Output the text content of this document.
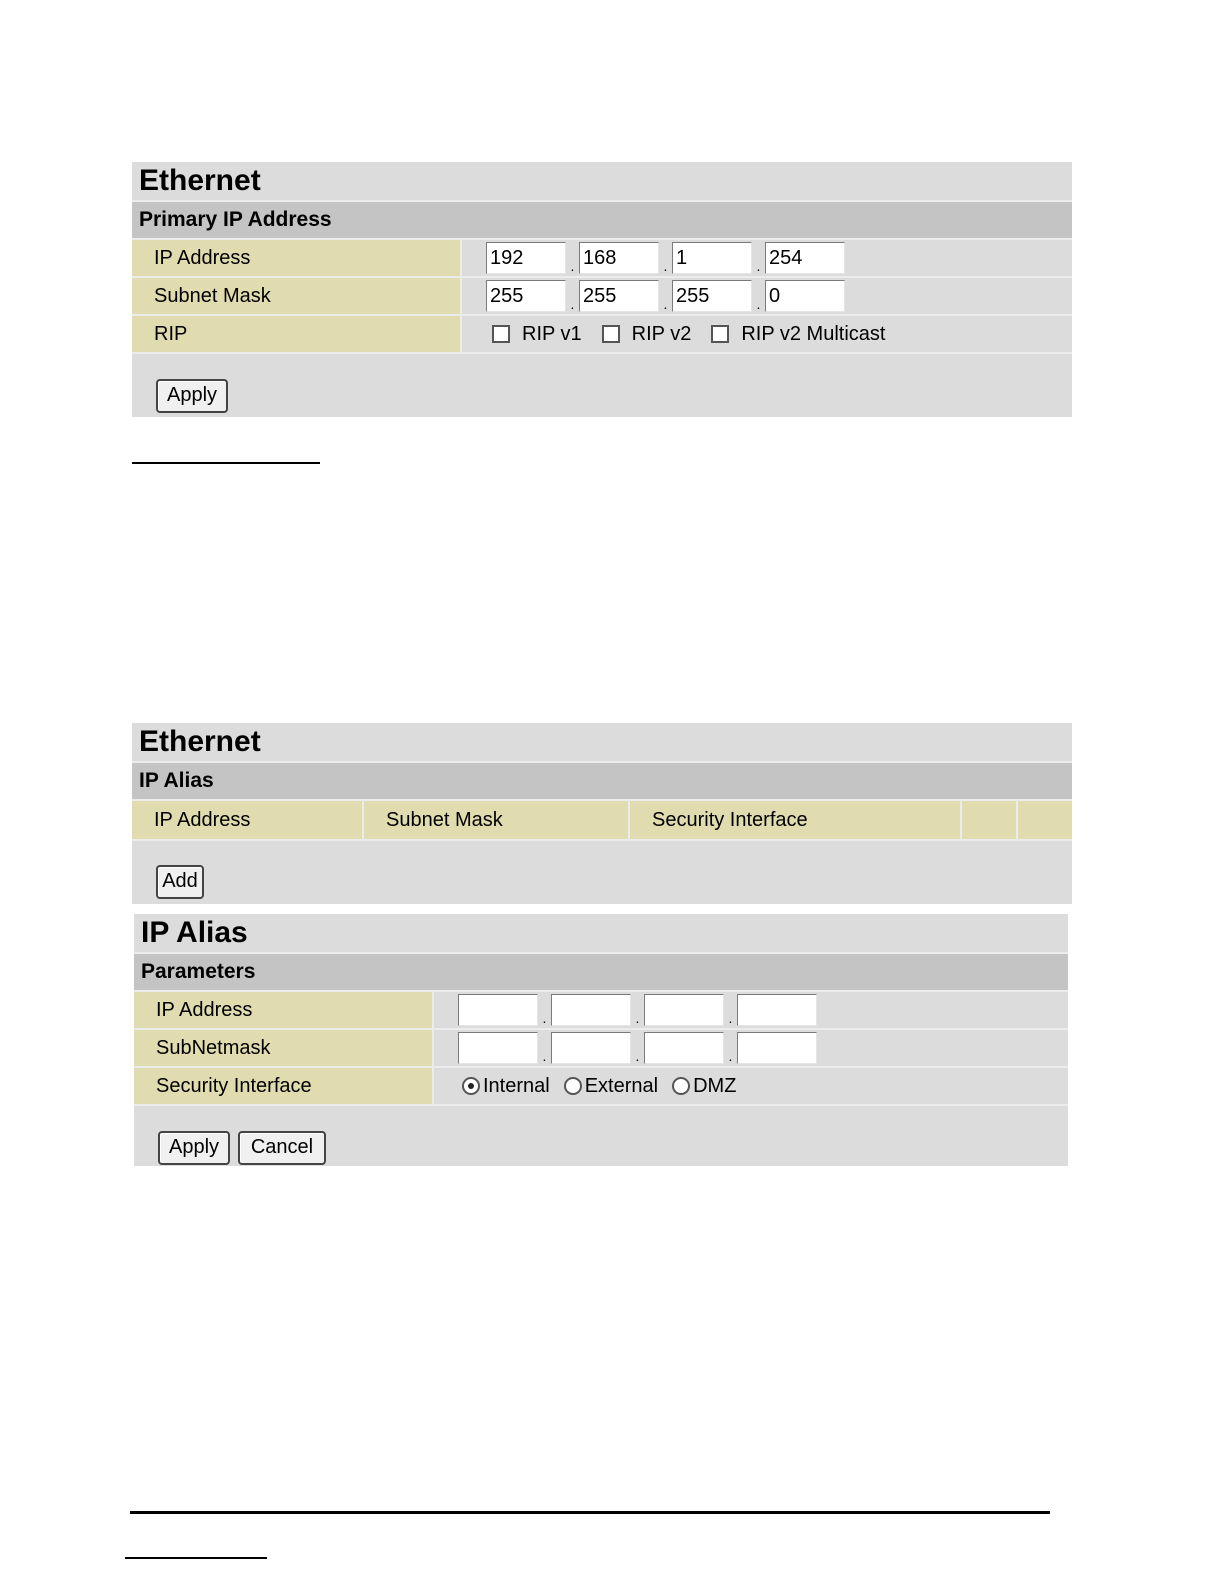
Ethernet
Primary IP Address
IP Address	192	. 168	. 1	. 254
Subnet Mask	255	. 255	. 255	. 0
RIP	RIP v1	RIP v2	RIP v2 Multicast
Apply
Ethernet
IP Alias
IP Address	Subnet Mask	Security Interface
Add
IP Alias
Parameters
IP Address	.	.	.
SubNetmask	.	.	.
Security Interface	Internal External DMZ
Apply	Cancel
